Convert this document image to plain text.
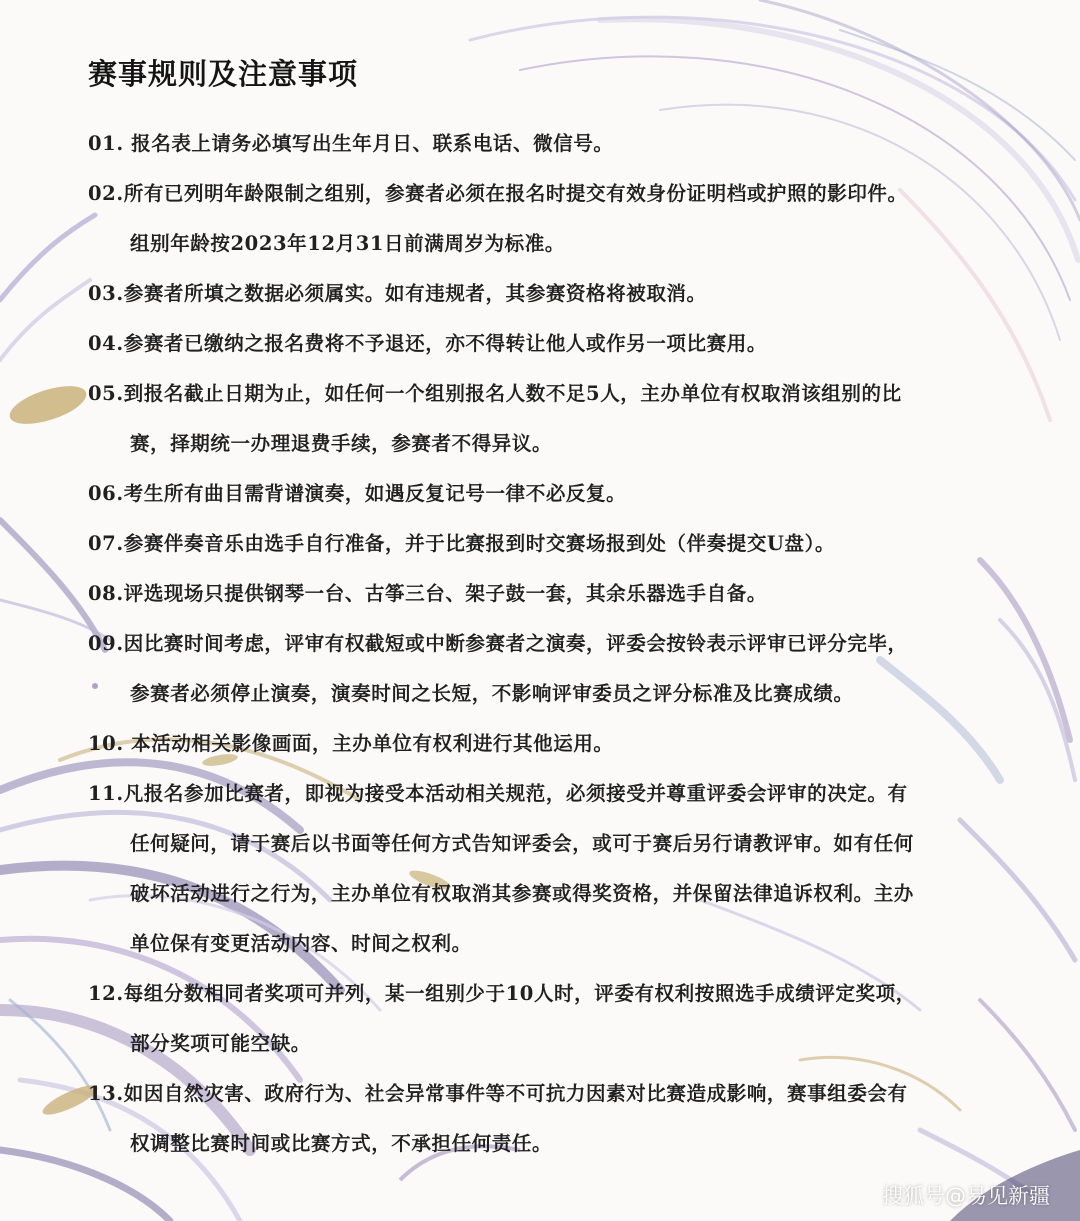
赛事规则及注意事项
01. 报名表上请务必填写出生年月日、联系电话、微信号。
02.所有已列明年龄限制之组别，参赛者必须在报名时提交有效身份证明档或护照的影印件。
组别年龄按2023年12月31日前满周岁为标准。
03.参赛者所填之数据必须属实。如有违规者，其参赛资格将被取消。
04.参赛者已缴纳之报名费将不予退还，亦不得转让他人或作另一项比赛用。
05.到报名截止日期为止，如任何一个组别报名人数不足5人，主办单位有权取消该组别的比
赛，择期统一办理退费手续，参赛者不得异议。
06.考生所有曲目需背谱演奏，如遇反复记号一律不必反复。
07.参赛伴奏音乐由选手自行准备，并于比赛报到时交赛场报到处（伴奏提交U盘）。
08.评选现场只提供钢琴一台、古筝三台、架子鼓一套，其余乐器选手自备。
09.因比赛时间考虑，评审有权截短或中断参赛者之演奏，评委会按铃表示评审已评分完毕，
参赛者必须停止演奏，演奏时间之长短，不影响评审委员之评分标准及比赛成绩。
10. 本活动相关影像画面，主办单位有权利进行其他运用。
11.凡报名参加比赛者，即视为接受本活动相关规范，必须接受并尊重评委会评审的决定。有
任何疑问，请于赛后以书面等任何方式告知评委会，或可于赛后另行请教评审。如有任何
破坏活动进行之行为，主办单位有权取消其参赛或得奖资格，并保留法律追诉权利。主办
单位保有变更活动内容、时间之权利。
12.每组分数相同者奖项可并列，某一组别少于10人时，评委有权利按照选手成绩评定奖项，
部分奖项可能空缺。
13.如因自然灾害、政府行为、社会异常事件等不可抗力因素对比赛造成影响，赛事组委会有
权调整比赛时间或比赛方式，不承担任何责任。
搜狐号@易见新疆
